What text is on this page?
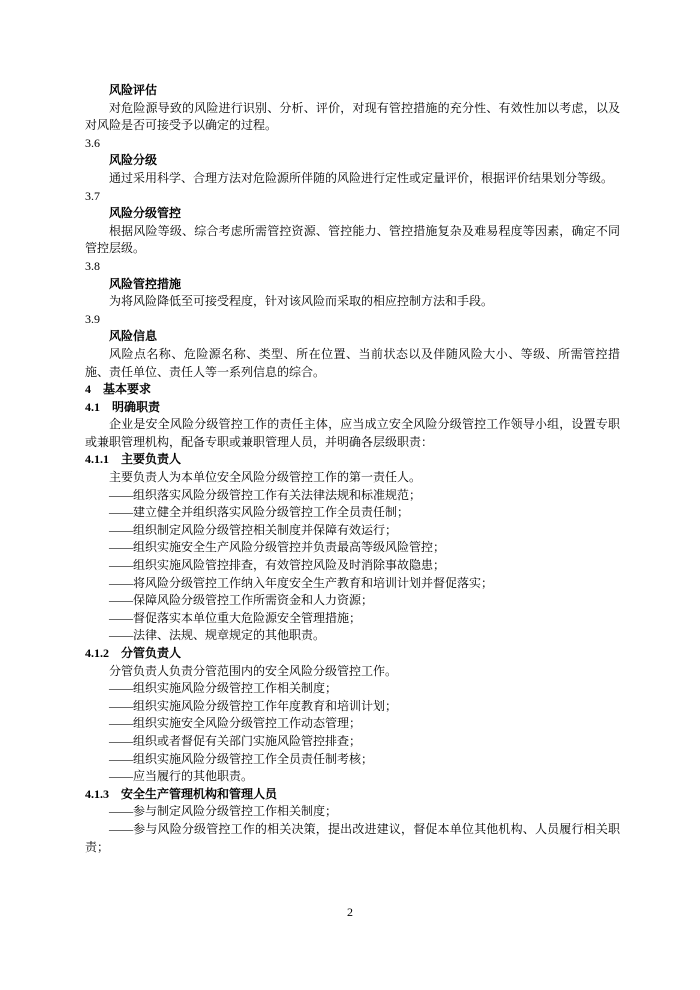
风险评估

对危险源导致的风险进行识别、分析、评价，对现有管控措施的充分性、有效性加以考虑，以及对风险是否可接受予以确定的过程。

3.6

风险分级

通过采用科学、合理方法对危险源所伴随的风险进行定性或定量评价，根据评价结果划分等级。

3.7

风险分级管控

根据风险等级、综合考虑所需管控资源、管控能力、管控措施复杂及难易程度等因素，确定不同管控层级。

3.8

风险管控措施

为将风险降低至可接受程度，针对该风险而采取的相应控制方法和手段。

3.9

风险信息

风险点名称、危险源名称、类型、所在位置、当前状态以及伴随风险大小、等级、所需管控措施、责任单位、责任人等一系列信息的综合。

4　基本要求

4.1　明确职责

企业是安全风险分级管控工作的责任主体，应当成立安全风险分级管控工作领导小组，设置专职或兼职管理机构，配备专职或兼职管理人员，并明确各层级职责：

4.1.1　主要负责人

主要负责人为本单位安全风险分级管控工作的第一责任人。

——组织落实风险分级管控工作有关法律法规和标准规范；

——建立健全并组织落实风险分级管控工作全员责任制；

——组织制定风险分级管控相关制度并保障有效运行；

——组织实施安全生产风险分级管控并负责最高等级风险管控；

——组织实施风险管控排查，有效管控风险及时消除事故隐患；

——将风险分级管控工作纳入年度安全生产教育和培训计划并督促落实；

——保障风险分级管控工作所需资金和人力资源；

——督促落实本单位重大危险源安全管理措施；

——法律、法规、规章规定的其他职责。

4.1.2　分管负责人

分管负责人负责分管范围内的安全风险分级管控工作。

——组织实施风险分级管控工作相关制度；

——组织实施风险分级管控工作年度教育和培训计划；

——组织实施安全风险分级管控工作动态管理；

——组织或者督促有关部门实施风险管控排查；

——组织实施风险分级管控工作全员责任制考核；

——应当履行的其他职责。

4.1.3　安全生产管理机构和管理人员

——参与制定风险分级管控工作相关制度；

——参与风险分级管控工作的相关决策，提出改进建议，督促本单位其他机构、人员履行相关职责；

2
